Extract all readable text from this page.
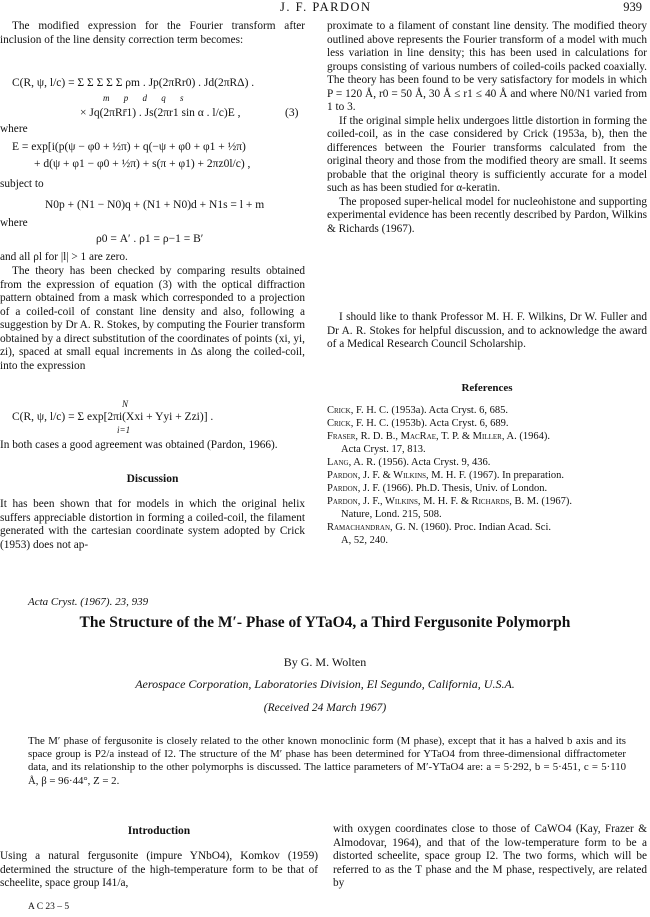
J. F. PARDON	939

The modified expression for the Fourier transform after inclusion of the line density correction term becomes:

C(R, ψ, l/c) = Σ Σ Σ Σ Σ ρm . Jp(2πRr0) . Jd(2πRΔ) .
m p d q s
× Jq(2πRr̄1) . Js(2πr1 sin α . l/c)E ,	(3)
where
E = exp[i(p(ψ − φ0 + ½π) + q(−ψ + φ0 + φ1 + ½π)
+ d(ψ + φ1 − φ0 + ½π) + s(π + φ1) + 2πz0l/c) ,
subject to
N0p + (N1 − N0)q + (N1 + N0)d + N1s = l + m
where
ρ0 = A′ . ρ1 = ρ−1 = B′
and all ρl for |l| > 1 are zero.

The theory has been checked by comparing results obtained from the expression of equation (3) with the optical diffraction pattern obtained from a mask which corresponded to a projection of a coiled-coil of constant line density and also, following a suggestion by Dr A. R. Stokes, by computing the Fourier transform obtained by a direct substitution of the coordinates of points (xi, yi, zi), spaced at small equal increments in Δs along the coiled-coil, into the expression

C(R, ψ, l/c) = Σ exp[2πi(Xxi + Yyi + Zzi)] .
N
i=1
In both cases a good agreement was obtained (Pardon, 1966).
Discussion
It has been shown that for models in which the original helix suffers appreciable distortion in forming a coiled-coil, the filament generated with the cartesian coordinate system adopted by Crick (1953) does not ap-

proximate to a filament of constant line density. The modified theory outlined above represents the Fourier transform of a model with much less variation in line density; this has been used in calculations for groups consisting of various numbers of coiled-coils packed coaxially. The theory has been found to be very satisfactory for models in which P = 120 Å, r0 = 50 Å, 30 Å ≤ r1 ≤ 40 Å and where N0/N1 varied from 1 to 3.

If the original simple helix undergoes little distortion in forming the coiled-coil, as in the case considered by Crick (1953a, b), then the differences between the Fourier transforms calculated from the original theory and those from the modified theory are small. It seems probable that the original theory is sufficiently accurate for a model such as has been studied for α-keratin.

The proposed super-helical model for nucleohistone and supporting experimental evidence has been recently described by Pardon, Wilkins & Richards (1967).

I should like to thank Professor M. H. F. Wilkins, Dr W. Fuller and Dr A. R. Stokes for helpful discussion, and to acknowledge the award of a Medical Research Council Scholarship.

References
Crick, F. H. C. (1953a). Acta Cryst. 6, 685.
Crick, F. H. C. (1953b). Acta Cryst. 6, 689.
Fraser, R. D. B., MacRae, T. P. & Miller, A. (1964).
Acta Cryst. 17, 813.
Lang, A. R. (1956). Acta Cryst. 9, 436.
Pardon, J. F. & Wilkins, M. H. F. (1967). In preparation.
Pardon, J. F. (1966). Ph.D. Thesis, Univ. of London.
Pardon, J. F., Wilkins, M. H. F. & Richards, B. M. (1967).
Nature, Lond. 215, 508.
Ramachandran, G. N. (1960). Proc. Indian Acad. Sci.
A, 52, 240.
Acta Cryst. (1967). 23, 939
The Structure of the M′- Phase of YTaO4, a Third Fergusonite Polymorph
By G. M. Wolten
Aerospace Corporation, Laboratories Division, El Segundo, California, U.S.A.
(Received 24 March 1967)
The M′ phase of fergusonite is closely related to the other known monoclinic form (M phase), except that it has a halved b axis and its space group is P2/a instead of I2. The structure of the M′ phase has been determined for YTaO4 from three-dimensional diffractometer data, and its relationship to the other polymorphs is discussed. The lattice parameters of M′-YTaO4 are: a = 5·292, b = 5·451, c = 5·110 Å, β = 96·44°, Z = 2.
Introduction
Using a natural fergusonite (impure YNbO4), Komkov (1959) determined the structure of the high-temperature form to be that of scheelite, space group I41/a,
with oxygen coordinates close to those of CaWO4 (Kay, Frazer & Almodovar, 1964), and that of the low-temperature form to be a distorted scheelite, space group I2. The two forms, which will be referred to as the T phase and the M phase, respectively, are related by
A C 23 – 5
